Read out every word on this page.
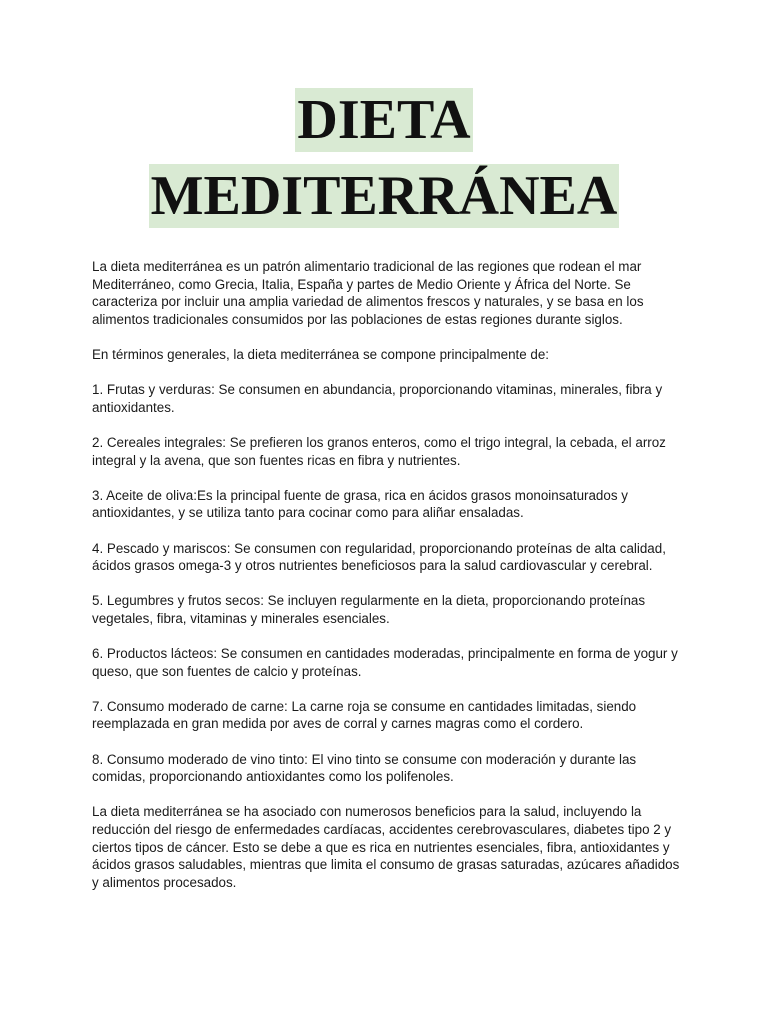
DIETA
MEDITERRÁNEA

La dieta mediterránea es un patrón alimentario tradicional de las regiones que rodean el mar Mediterráneo, como Grecia, Italia, España y partes de Medio Oriente y África del Norte. Se caracteriza por incluir una amplia variedad de alimentos frescos y naturales, y se basa en los alimentos tradicionales consumidos por las poblaciones de estas regiones durante siglos.

En términos generales, la dieta mediterránea se compone principalmente de:

1. Frutas y verduras: Se consumen en abundancia, proporcionando vitaminas, minerales, fibra y antioxidantes.

2. Cereales integrales: Se prefieren los granos enteros, como el trigo integral, la cebada, el arroz integral y la avena, que son fuentes ricas en fibra y nutrientes.

3. Aceite de oliva:Es la principal fuente de grasa, rica en ácidos grasos monoinsaturados y antioxidantes, y se utiliza tanto para cocinar como para aliñar ensaladas.

4. Pescado y mariscos: Se consumen con regularidad, proporcionando proteínas de alta calidad, ácidos grasos omega-3 y otros nutrientes beneficiosos para la salud cardiovascular y cerebral.

5. Legumbres y frutos secos: Se incluyen regularmente en la dieta, proporcionando proteínas vegetales, fibra, vitaminas y minerales esenciales.

6. Productos lácteos: Se consumen en cantidades moderadas, principalmente en forma de yogur y queso, que son fuentes de calcio y proteínas.

7. Consumo moderado de carne: La carne roja se consume en cantidades limitadas, siendo reemplazada en gran medida por aves de corral y carnes magras como el cordero.

8. Consumo moderado de vino tinto: El vino tinto se consume con moderación y durante las comidas, proporcionando antioxidantes como los polifenoles.

La dieta mediterránea se ha asociado con numerosos beneficios para la salud, incluyendo la reducción del riesgo de enfermedades cardíacas, accidentes cerebrovasculares, diabetes tipo 2 y ciertos tipos de cáncer. Esto se debe a que es rica en nutrientes esenciales, fibra, antioxidantes y ácidos grasos saludables, mientras que limita el consumo de grasas saturadas, azúcares añadidos y alimentos procesados.
